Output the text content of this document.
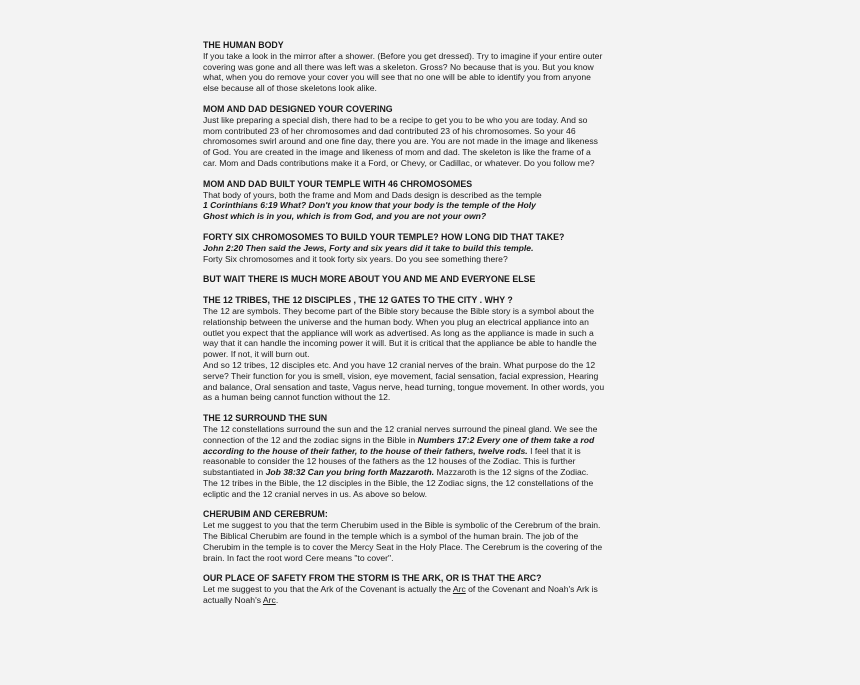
THE HUMAN BODY
If you take a look in the mirror after a shower. (Before you get dressed). Try to imagine if your entire outer
covering was gone and all there was left was a skeleton. Gross? No because that is you. But you know
what, when you do remove your cover you will see that no one will be able to identify you from anyone
else because all of those skeletons look alike.
MOM AND DAD DESIGNED YOUR COVERING
Just like preparing a special dish, there had to be a recipe to get you to be who you are today. And so
mom contributed 23 of her chromosomes and dad contributed 23 of his chromosomes. So your 46
chromosomes swirl around and one fine day, there you are. You are not made in the image and likeness
of God. You are created in the image and likeness of mom and dad. The skeleton is like the frame of a
car. Mom and Dads contributions make it a Ford, or Chevy, or Cadillac, or whatever. Do you follow me?
MOM AND DAD BUILT YOUR TEMPLE WITH 46 CHROMOSOMES
That body of yours, both the frame and Mom and Dads design is described as the temple
1 Corinthians 6:19 What? Don't you know that your body is the temple of the Holy
Ghost which is in you, which is from God, and you are not your own?
FORTY SIX CHROMOSOMES TO BUILD YOUR TEMPLE? HOW LONG DID THAT TAKE?
John 2:20 Then said the Jews, Forty and six years did it take to build this temple.
Forty Six chromosomes and it took forty six years. Do you see something there?
BUT WAIT THERE IS MUCH MORE ABOUT YOU AND ME AND EVERYONE ELSE
THE 12 TRIBES, THE 12 DISCIPLES , THE 12 GATES TO THE CITY . WHY ?
The 12 are symbols. They become part of the Bible story because the Bible story is a symbol about the
relationship between the universe and the human body. When you plug an electrical appliance into an
outlet you expect that the appliance will work as advertised. As long as the appliance is made in such a
way that it can handle the incoming power it will. But it is critical that the appliance be able to handle the
power. If not, it will burn out.
And so 12 tribes, 12 disciples etc. And you have 12 cranial nerves of the brain. What purpose do the 12
serve? Their function for you is smell, vision, eye movement, facial sensation, facial expression, Hearing
and balance, Oral sensation and taste, Vagus nerve, head turning, tongue movement. In other words, you
as a human being cannot function without the 12.
THE 12 SURROUND THE SUN
The 12 constellations surround the sun and the 12 cranial nerves surround the pineal gland. We see the
connection of the 12 and the zodiac signs in the Bible in Numbers 17:2 Every one of them take a rod
according to the house of their father, to the house of their fathers, twelve rods. I feel that it is
reasonable to consider the 12 houses of the fathers as the 12 houses of the Zodiac. This is further
substantiated in Job 38:32 Can you bring forth Mazzaroth. Mazzaroth is the 12 signs of the Zodiac.
The 12 tribes in the Bible, the 12 disciples in the Bible, the 12 Zodiac signs, the 12 constellations of the
ecliptic and the 12 cranial nerves in us. As above so below.
CHERUBIM AND CEREBRUM:
Let me suggest to you that the term Cherubim used in the Bible is symbolic of the Cerebrum of the brain.
The Biblical Cherubim are found in the temple which is a symbol of the human brain. The job of the
Cherubim in the temple is to cover the Mercy Seat in the Holy Place. The Cerebrum is the covering of the
brain. In fact the root word Cere means "to cover".
OUR PLACE OF SAFETY FROM THE STORM IS THE ARK, OR IS THAT THE ARC?
Let me suggest to you that the Ark of the Covenant is actually the Arc of the Covenant and Noah's Ark is
actually Noah's Arc.
